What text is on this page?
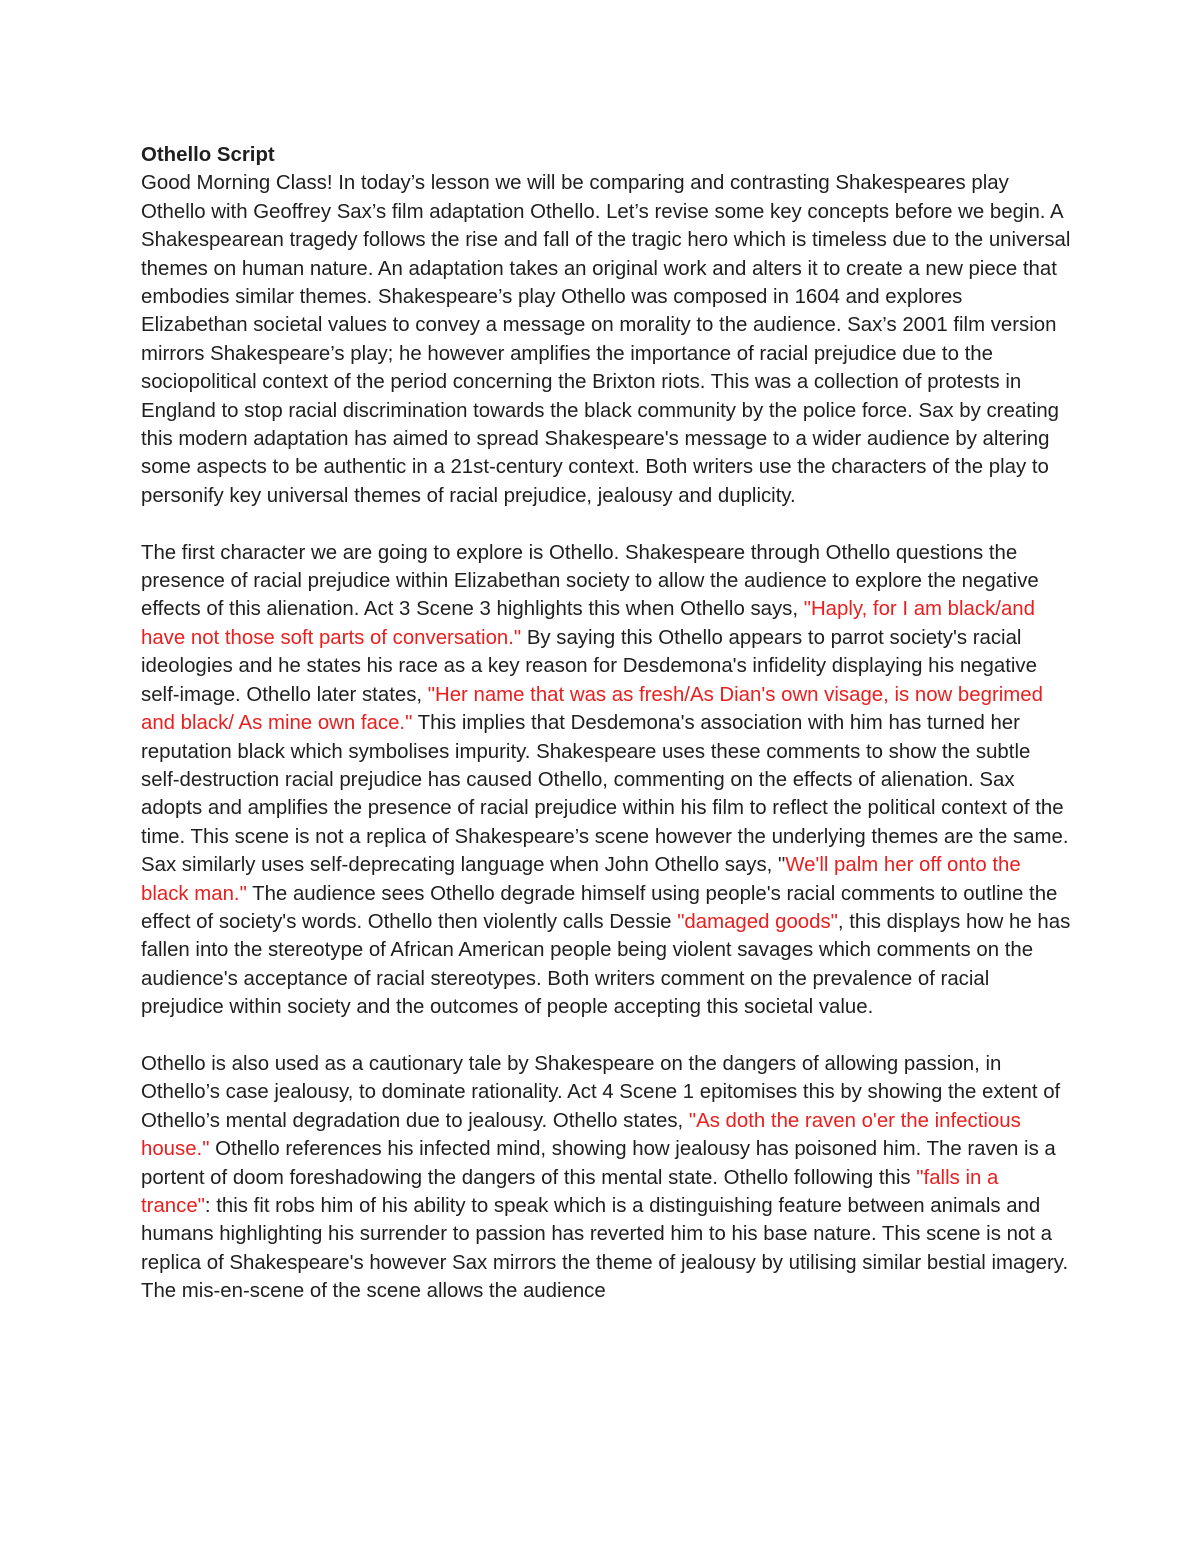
Othello Script

Good Morning Class! In today’s lesson we will be comparing and contrasting Shakespeares play Othello with Geoffrey Sax’s film adaptation Othello. Let’s revise some key concepts before we begin. A Shakespearean tragedy follows the rise and fall of the tragic hero which is timeless due to the universal themes on human nature. An adaptation takes an original work and alters it to create a new piece that embodies similar themes. Shakespeare’s play Othello was composed in 1604 and explores Elizabethan societal values to convey a message on morality to the audience. Sax’s 2001 film version mirrors Shakespeare’s play; he however amplifies the importance of racial prejudice due to the sociopolitical context of the period concerning the Brixton riots. This was a collection of protests in England to stop racial discrimination towards the black community by the police force. Sax by creating this modern adaptation has aimed to spread Shakespeare's message to a wider audience by altering some aspects to be authentic in a 21st-century context. Both writers use the characters of the play to personify key universal themes of racial prejudice, jealousy and duplicity.

The first character we are going to explore is Othello. Shakespeare through Othello questions the presence of racial prejudice within Elizabethan society to allow the audience to explore the negative effects of this alienation. Act 3 Scene 3 highlights this when Othello says, "Haply, for I am black/and have not those soft parts of conversation." By saying this Othello appears to parrot society's racial ideologies and he states his race as a key reason for Desdemona's infidelity displaying his negative self-image. Othello later states, "Her name that was as fresh/As Dian's own visage, is now begrimed and black/ As mine own face." This implies that Desdemona's association with him has turned her reputation black which symbolises impurity. Shakespeare uses these comments to show the subtle self-destruction racial prejudice has caused Othello, commenting on the effects of alienation. Sax adopts and amplifies the presence of racial prejudice within his film to reflect the political context of the time. This scene is not a replica of Shakespeare’s scene however the underlying themes are the same. Sax similarly uses self-deprecating language when John Othello says, "We'll palm her off onto the black man." The audience sees Othello degrade himself using people's racial comments to outline the effect of society's words. Othello then violently calls Dessie "damaged goods", this displays how he has fallen into the stereotype of African American people being violent savages which comments on the audience's acceptance of racial stereotypes. Both writers comment on the prevalence of racial prejudice within society and the outcomes of people accepting this societal value.

Othello is also used as a cautionary tale by Shakespeare on the dangers of allowing passion, in Othello’s case jealousy, to dominate rationality. Act 4 Scene 1 epitomises this by showing the extent of Othello’s mental degradation due to jealousy. Othello states, "As doth the raven o'er the infectious house." Othello references his infected mind, showing how jealousy has poisoned him. The raven is a portent of doom foreshadowing the dangers of this mental state. Othello following this "falls in a trance": this fit robs him of his ability to speak which is a distinguishing feature between animals and humans highlighting his surrender to passion has reverted him to his base nature. This scene is not a replica of Shakespeare's however Sax mirrors the theme of jealousy by utilising similar bestial imagery. The mis-en-scene of the scene allows the audience
